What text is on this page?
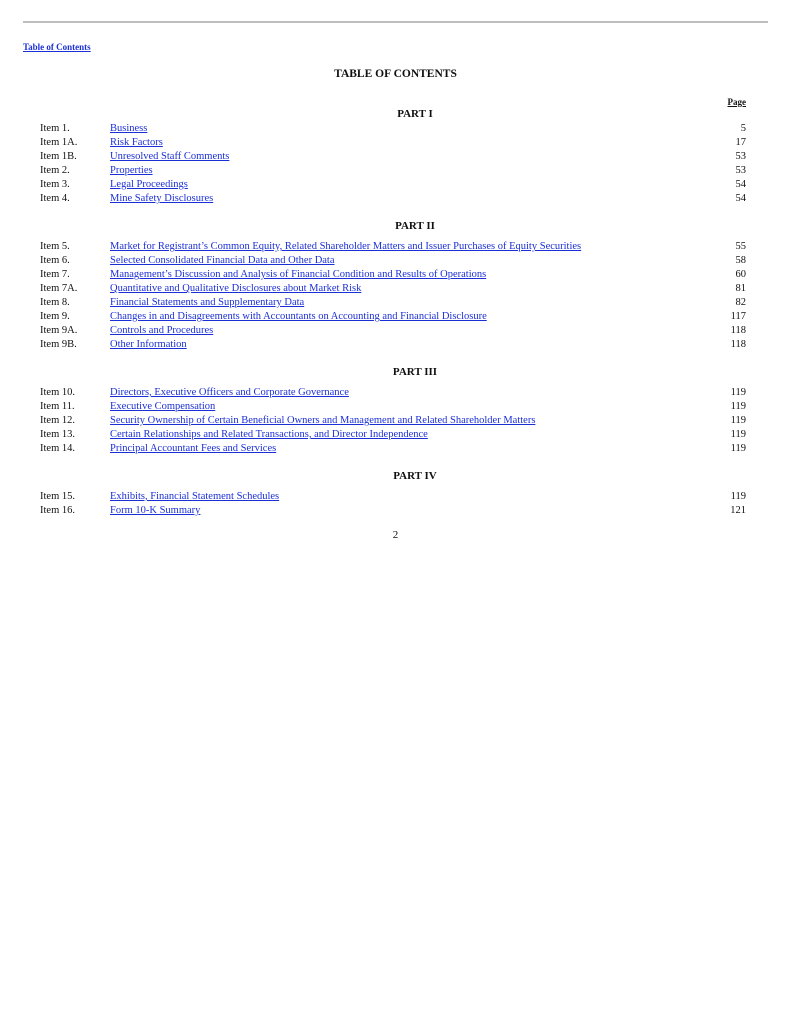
Table of Contents
TABLE OF CONTENTS
Page
PART I
Item 1.	Business	5
Item 1A.	Risk Factors	17
Item 1B.	Unresolved Staff Comments	53
Item 2.	Properties	53
Item 3.	Legal Proceedings	54
Item 4.	Mine Safety Disclosures	54
PART II
Item 5.	Market for Registrant’s Common Equity, Related Shareholder Matters and Issuer Purchases of Equity Securities	55
Item 6.	Selected Consolidated Financial Data and Other Data	58
Item 7.	Management’s Discussion and Analysis of Financial Condition and Results of Operations	60
Item 7A.	Quantitative and Qualitative Disclosures about Market Risk	81
Item 8.	Financial Statements and Supplementary Data	82
Item 9.	Changes in and Disagreements with Accountants on Accounting and Financial Disclosure	117
Item 9A.	Controls and Procedures	118
Item 9B.	Other Information	118
PART III
Item 10.	Directors, Executive Officers and Corporate Governance	119
Item 11.	Executive Compensation	119
Item 12.	Security Ownership of Certain Beneficial Owners and Management and Related Shareholder Matters	119
Item 13.	Certain Relationships and Related Transactions, and Director Independence	119
Item 14.	Principal Accountant Fees and Services	119
PART IV
Item 15.	Exhibits, Financial Statement Schedules	119
Item 16.	Form 10-K Summary	121
2
